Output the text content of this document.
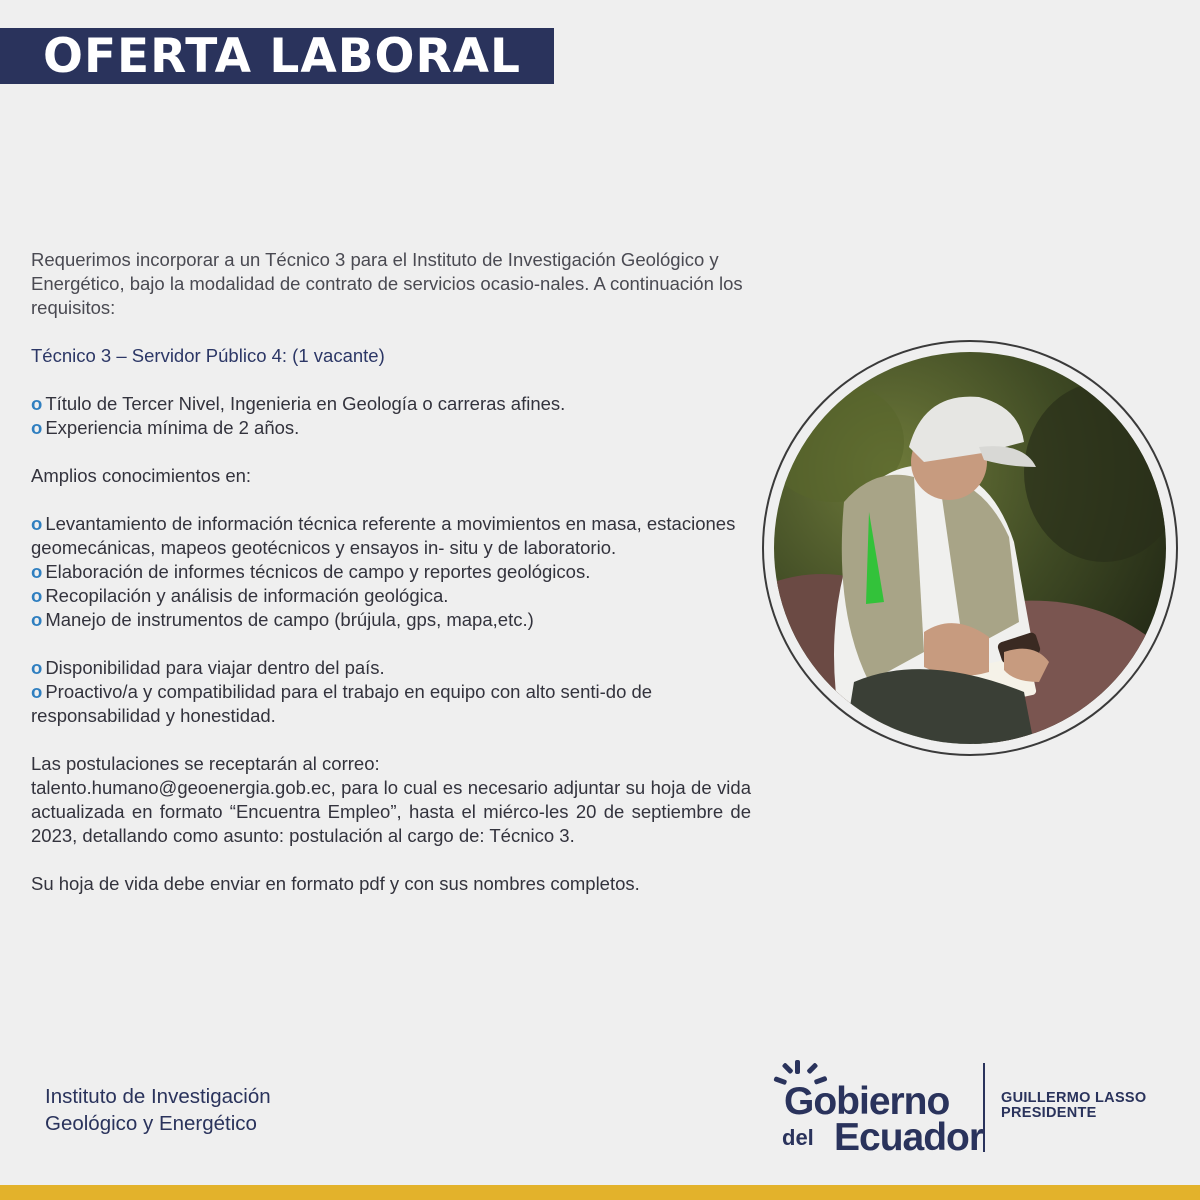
OFERTA LABORAL

Requerimos incorporar a un Técnico 3 para el Instituto de Investigación Geológico y Energético, bajo la modalidad de contrato de servicios ocasio-nales. A continuación los requisitos:

Técnico 3 – Servidor Público 4: (1 vacante)

o Título de Tercer Nivel, Ingenieria en Geología o carreras afines.

o Experiencia mínima de 2 años.

Amplios conocimientos en:

o Levantamiento de información técnica referente a movimientos en masa, estaciones geomecánicas, mapeos geotécnicos y ensayos in- situ y de laboratorio.

o Elaboración de informes técnicos de campo y reportes geológicos.

o Recopilación y análisis de información geológica.

o Manejo de instrumentos de campo (brújula, gps, mapa,etc.)

o Disponibilidad para viajar dentro del país.

o Proactivo/a y compatibilidad para el trabajo en equipo con alto senti-do de responsabilidad y honestidad.

Las postulaciones se receptarán al correo:

talento.humano@geoenergia.gob.ec, para lo cual es necesario adjuntar su hoja de vida actualizada en formato “Encuentra Empleo”, hasta el miérco-les 20 de septiembre de 2023, detallando como asunto: postulación al cargo de: Técnico 3.

Su hoja de vida debe enviar en formato pdf y con sus nombres completos.

Instituto de Investigación
Geológico y Energético
Gobierno
del Ecuador
GUILLERMO LASSO
PRESIDENTE
